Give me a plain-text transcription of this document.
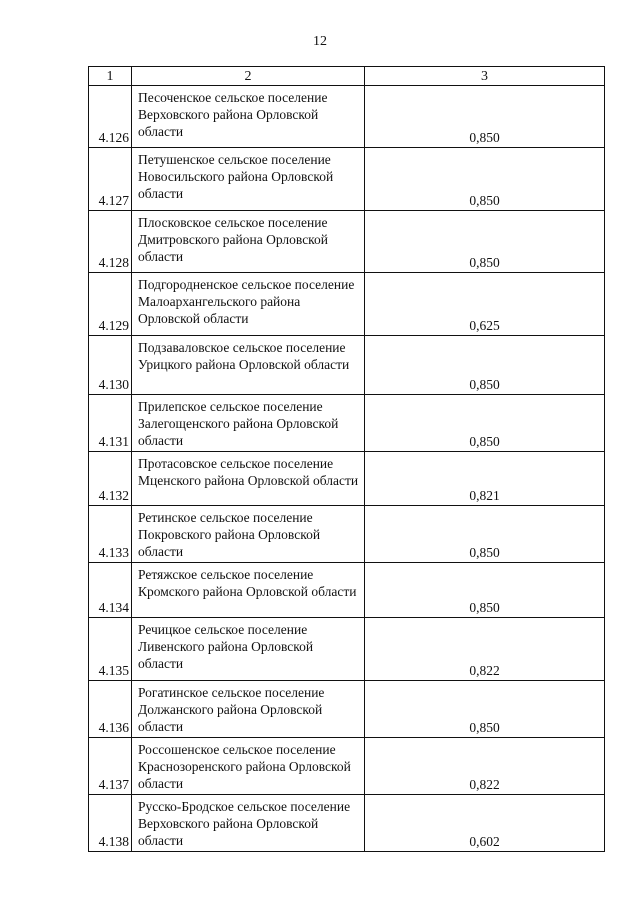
12
1	2	3
4.126	Песоченское сельское поселение Верховского района Орловской области	0,850
4.127	Петушенское сельское поселение Новосильского района Орловской области	0,850
4.128	Плосковское сельское поселение Дмитровского района Орловской области	0,850
4.129	Подгородненское сельское поселение Малоархангельского района Орловской области	0,625
4.130	Подзаваловское сельское поселение Урицкого района Орловской области	0,850
4.131	Прилепское сельское поселение Залегощенского района Орловской области	0,850
4.132	Протасовское сельское поселение Мценского района Орловской области	0,821
4.133	Ретинское сельское поселение Покровского района Орловской области	0,850
4.134	Ретяжское сельское поселение Кромского района Орловской области	0,850
4.135	Речицкое сельское поселение Ливенского района Орловской области	0,822
4.136	Рогатинское сельское поселение Должанского района Орловской области	0,850
4.137	Россошенское сельское поселение Краснозоренского района Орловской области	0,822
4.138	Русско-Бродское сельское поселение Верховского района Орловской области	0,602
